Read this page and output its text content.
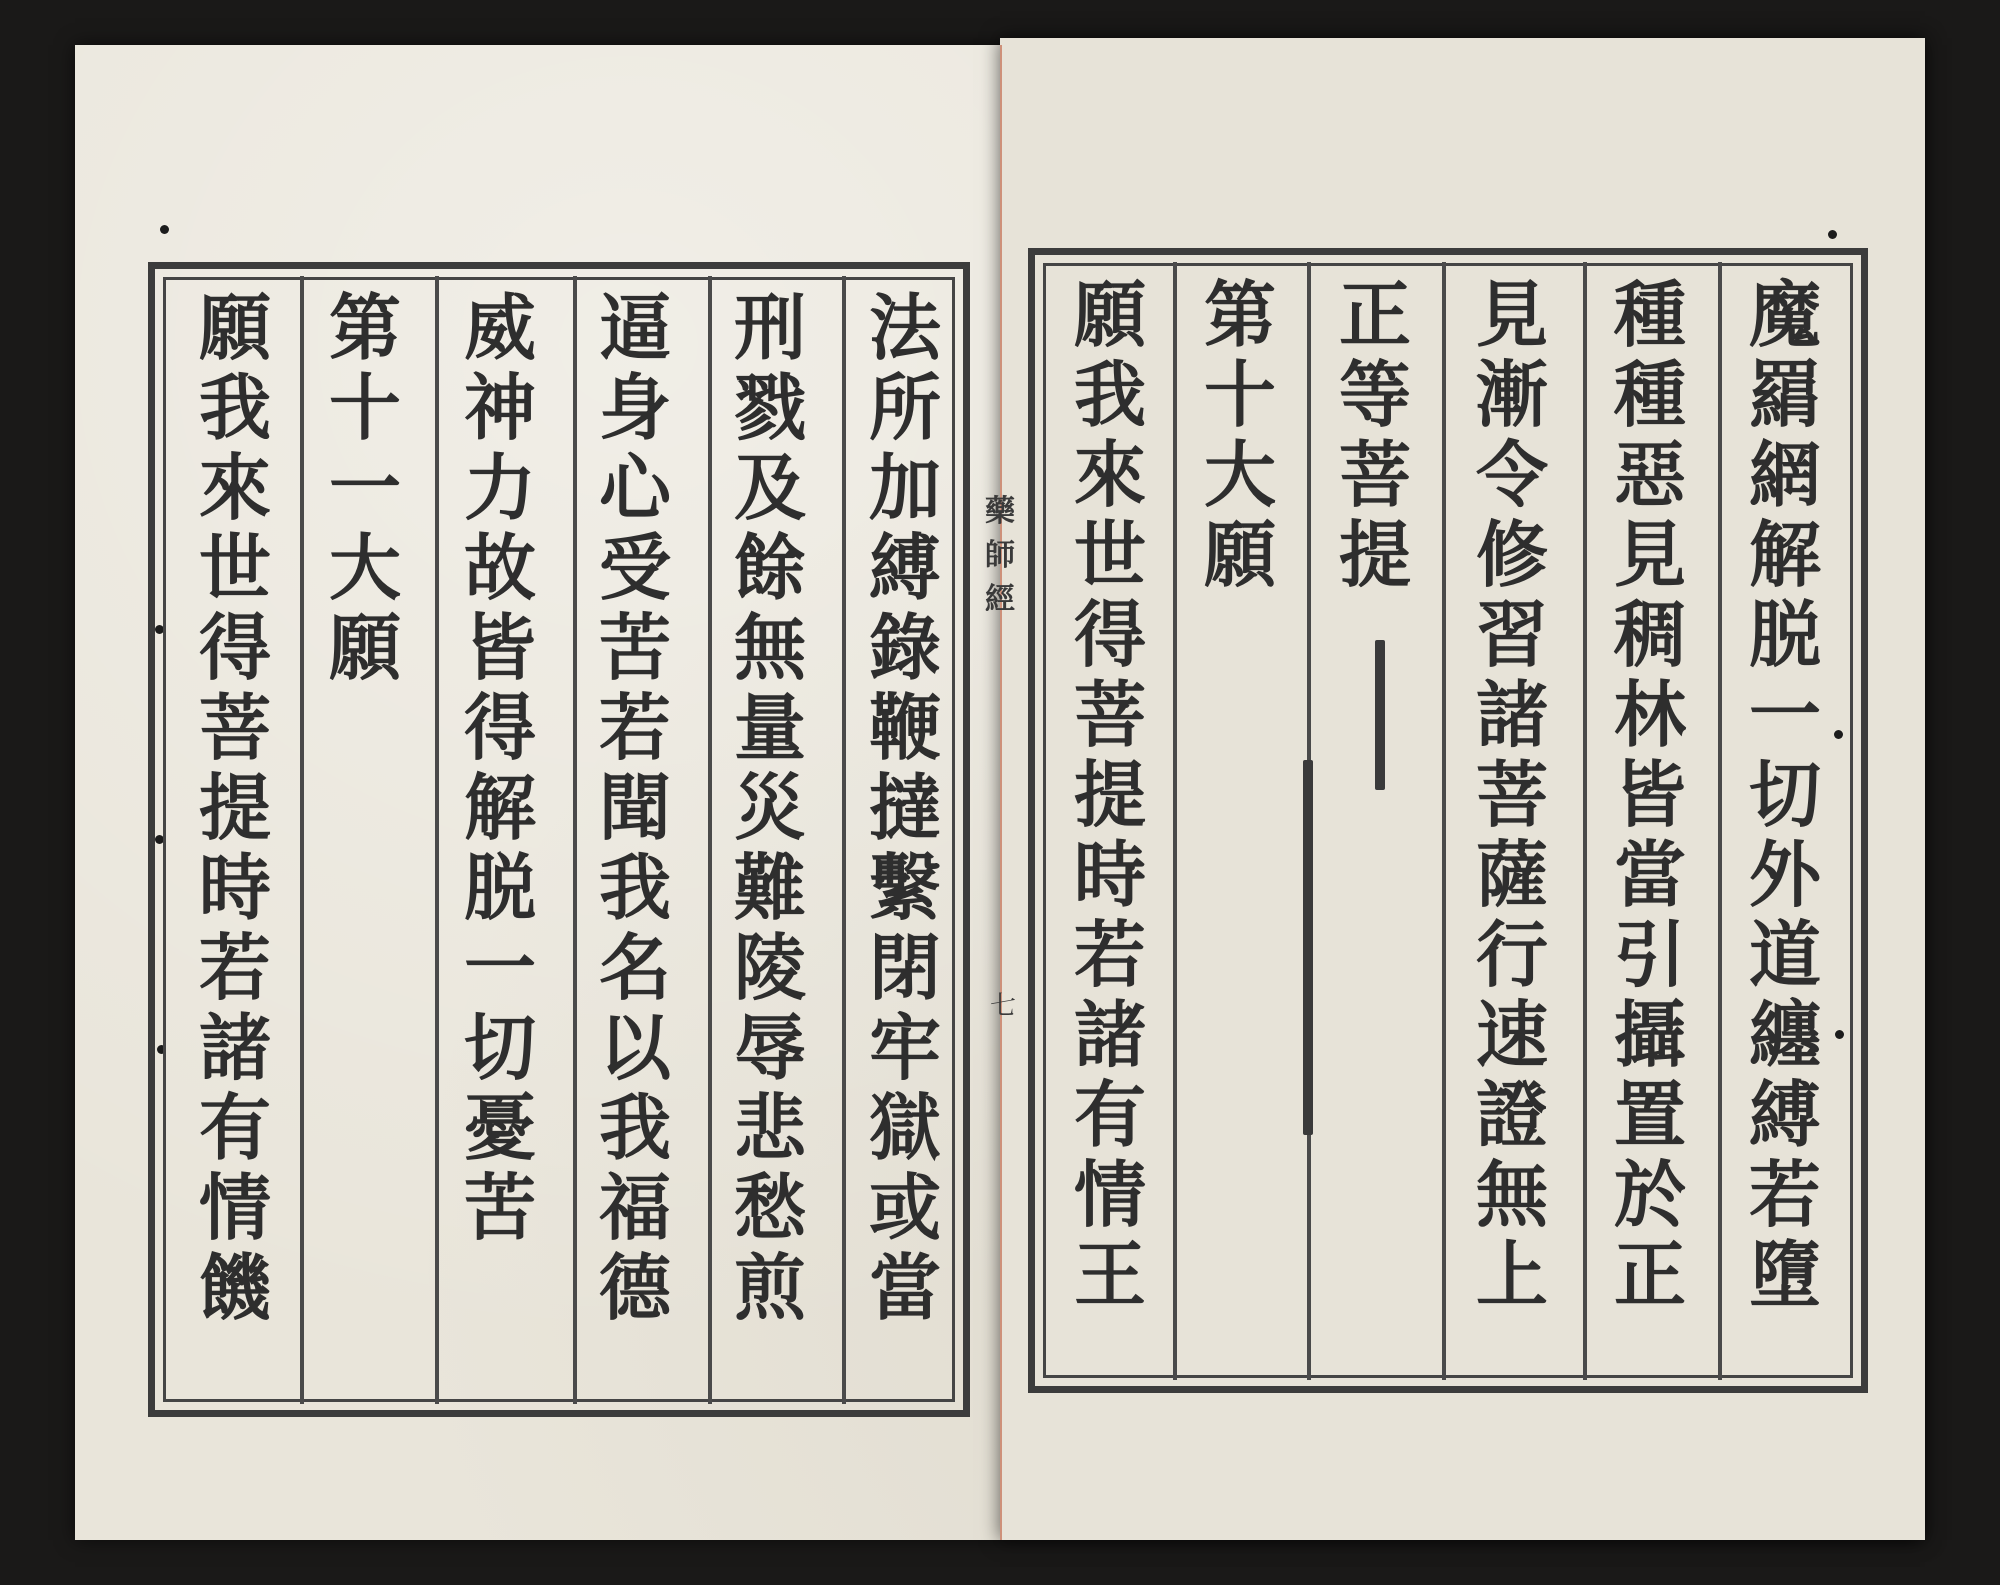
魔
羂
網
解
脱
一
切
外
道
纏
縛
若
墮
種
種
惡
見
稠
林
皆
當
引
攝
置
於
正
見
漸
令
修
習
諸
菩
薩
行
速
證
無
上
正
等
菩
提
第
十
大
願
願
我
來
世
得
菩
提
時
若
諸
有
情
王
藥
師
經
七
法
所
加
縛
錄
鞭
撻
繫
閉
牢
獄
或
當
刑
戮
及
餘
無
量
災
難
陵
辱
悲
愁
煎
逼
身
心
受
苦
若
聞
我
名
以
我
福
德
威
神
力
故
皆
得
解
脱
一
切
憂
苦
第
十
一
大
願
願
我
來
世
得
菩
提
時
若
諸
有
情
饑
